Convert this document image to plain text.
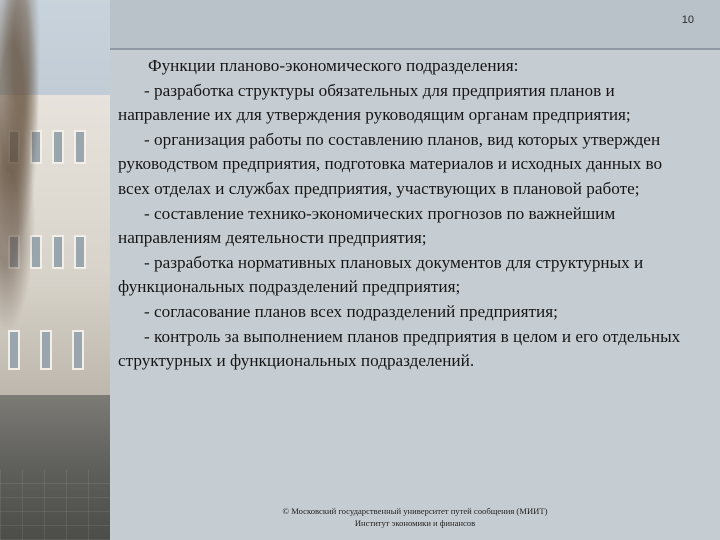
10

Функции планово-экономического подразделения:

- разработка структуры обязательных для предприятия планов и направление их для утверждения руководящим органам предприятия;

- организация работы по составлению планов, вид которых утвержден руководством предприятия, подготовка материалов и исходных данных во всех отделах и службах предприятия, участвующих в плановой работе;

- составление технико-экономических прогнозов по важнейшим направлениям деятельности предприятия;

- разработка нормативных плановых документов для структурных и функциональных подразделений предприятия;

- согласование планов всех подразделений предприятия;

- контроль за выполнением планов предприятия в целом и его отдельных структурных и функциональных подразделений.

© Московский государственный университет путей сообщения (МИИТ)
Институт экономики и финансов
